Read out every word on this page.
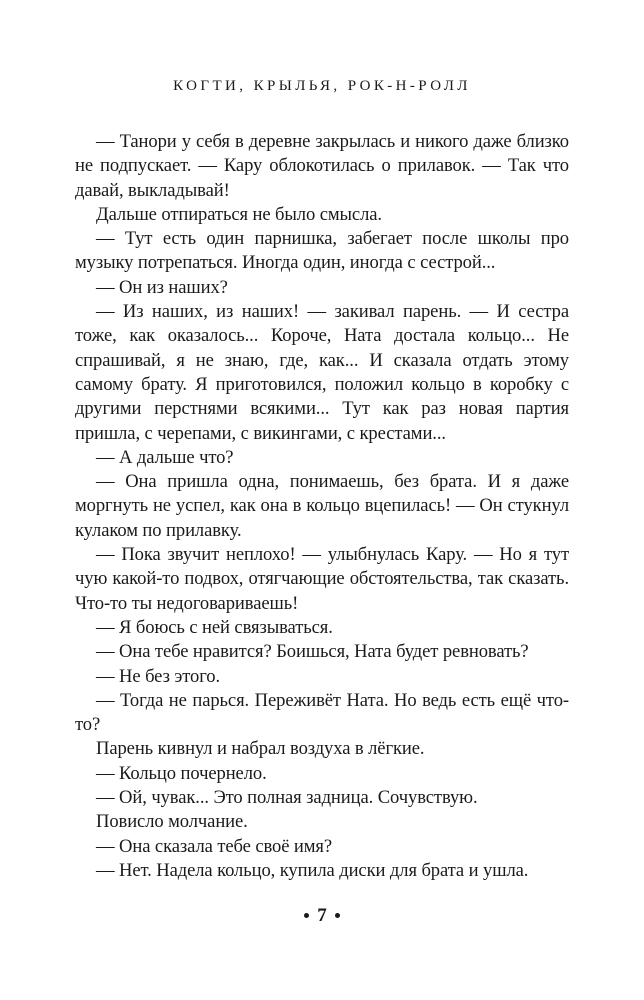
КОГТИ, КРЫЛЬЯ, РОК-Н-РОЛЛ

— Танори у себя в деревне закрылась и никого даже близко не подпускает. — Кару облокотилась о прилавок. — Так что давай, выкладывай!

Дальше отпираться не было смысла.

— Тут есть один парнишка, забегает после школы про музыку потрепаться. Иногда один, иногда с сестрой...

— Он из наших?

— Из наших, из наших! — закивал парень. — И сестра тоже, как оказалось... Короче, Ната достала кольцо... Не спрашивай, я не знаю, где, как... И сказала отдать этому самому брату. Я приготовился, положил кольцо в коробку с другими перстнями всякими... Тут как раз новая партия пришла, с черепами, с викингами, с крестами...

— А дальше что?

— Она пришла одна, понимаешь, без брата. И я даже моргнуть не успел, как она в кольцо вцепилась! — Он стукнул кулаком по прилавку.

— Пока звучит неплохо! — улыбнулась Кару. — Но я тут чую какой-то подвох, отягчающие обстоятельства, так сказать. Что-то ты недоговариваешь!

— Я боюсь с ней связываться.

— Она тебе нравится? Боишься, Ната будет ревновать?

— Не без этого.

— Тогда не парься. Переживёт Ната. Но ведь есть ещё что-то?

Парень кивнул и набрал воздуха в лёгкие.

— Кольцо почернело.

— Ой, чувак... Это полная задница. Сочувствую.

Повисло молчание.

— Она сказала тебе своё имя?

— Нет. Надела кольцо, купила диски для брата и ушла.

7
